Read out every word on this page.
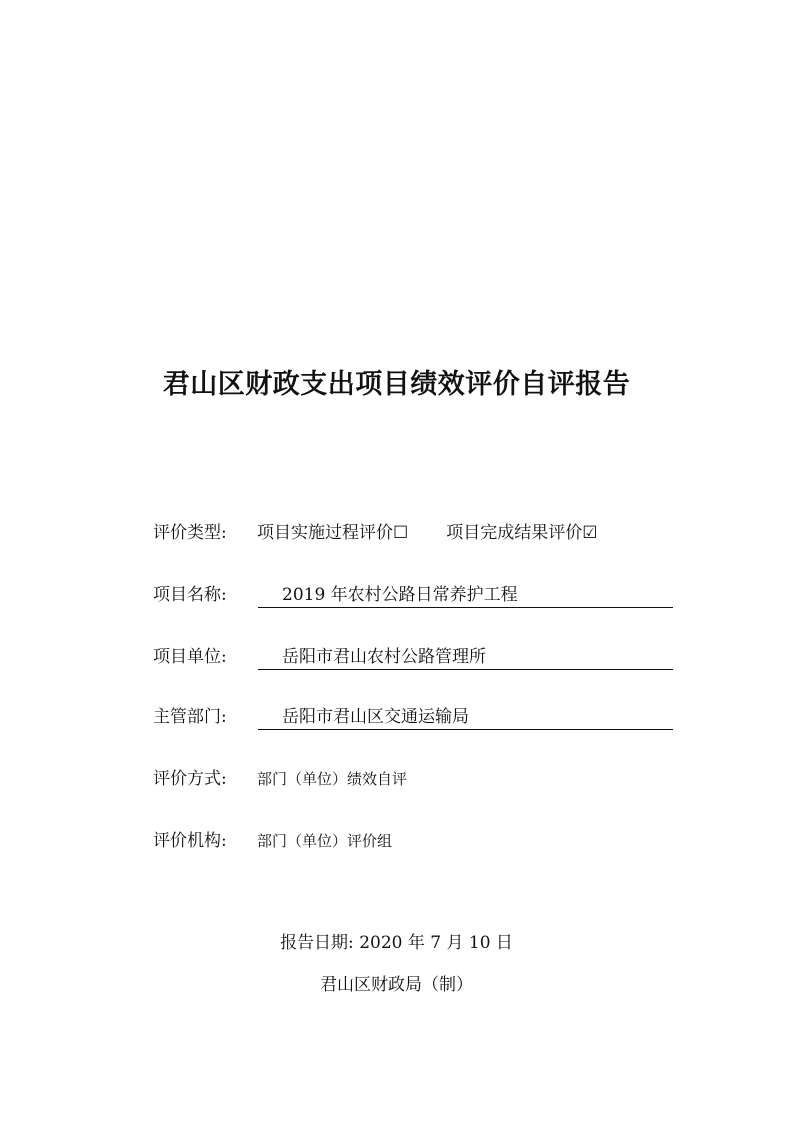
君山区财政支出项目绩效评价自评报告
评价类型: 项目实施过程评价☐ 项目完成结果评价☑
项目名称:	2019 年农村公路日常养护工程
项目单位:	岳阳市君山农村公路管理所
主管部门:	岳阳市君山区交通运输局
评价方式: 部门（单位）绩效自评
评价机构: 部门（单位）评价组
报告日期: 2020 年 7 月 10 日
君山区财政局（制）
